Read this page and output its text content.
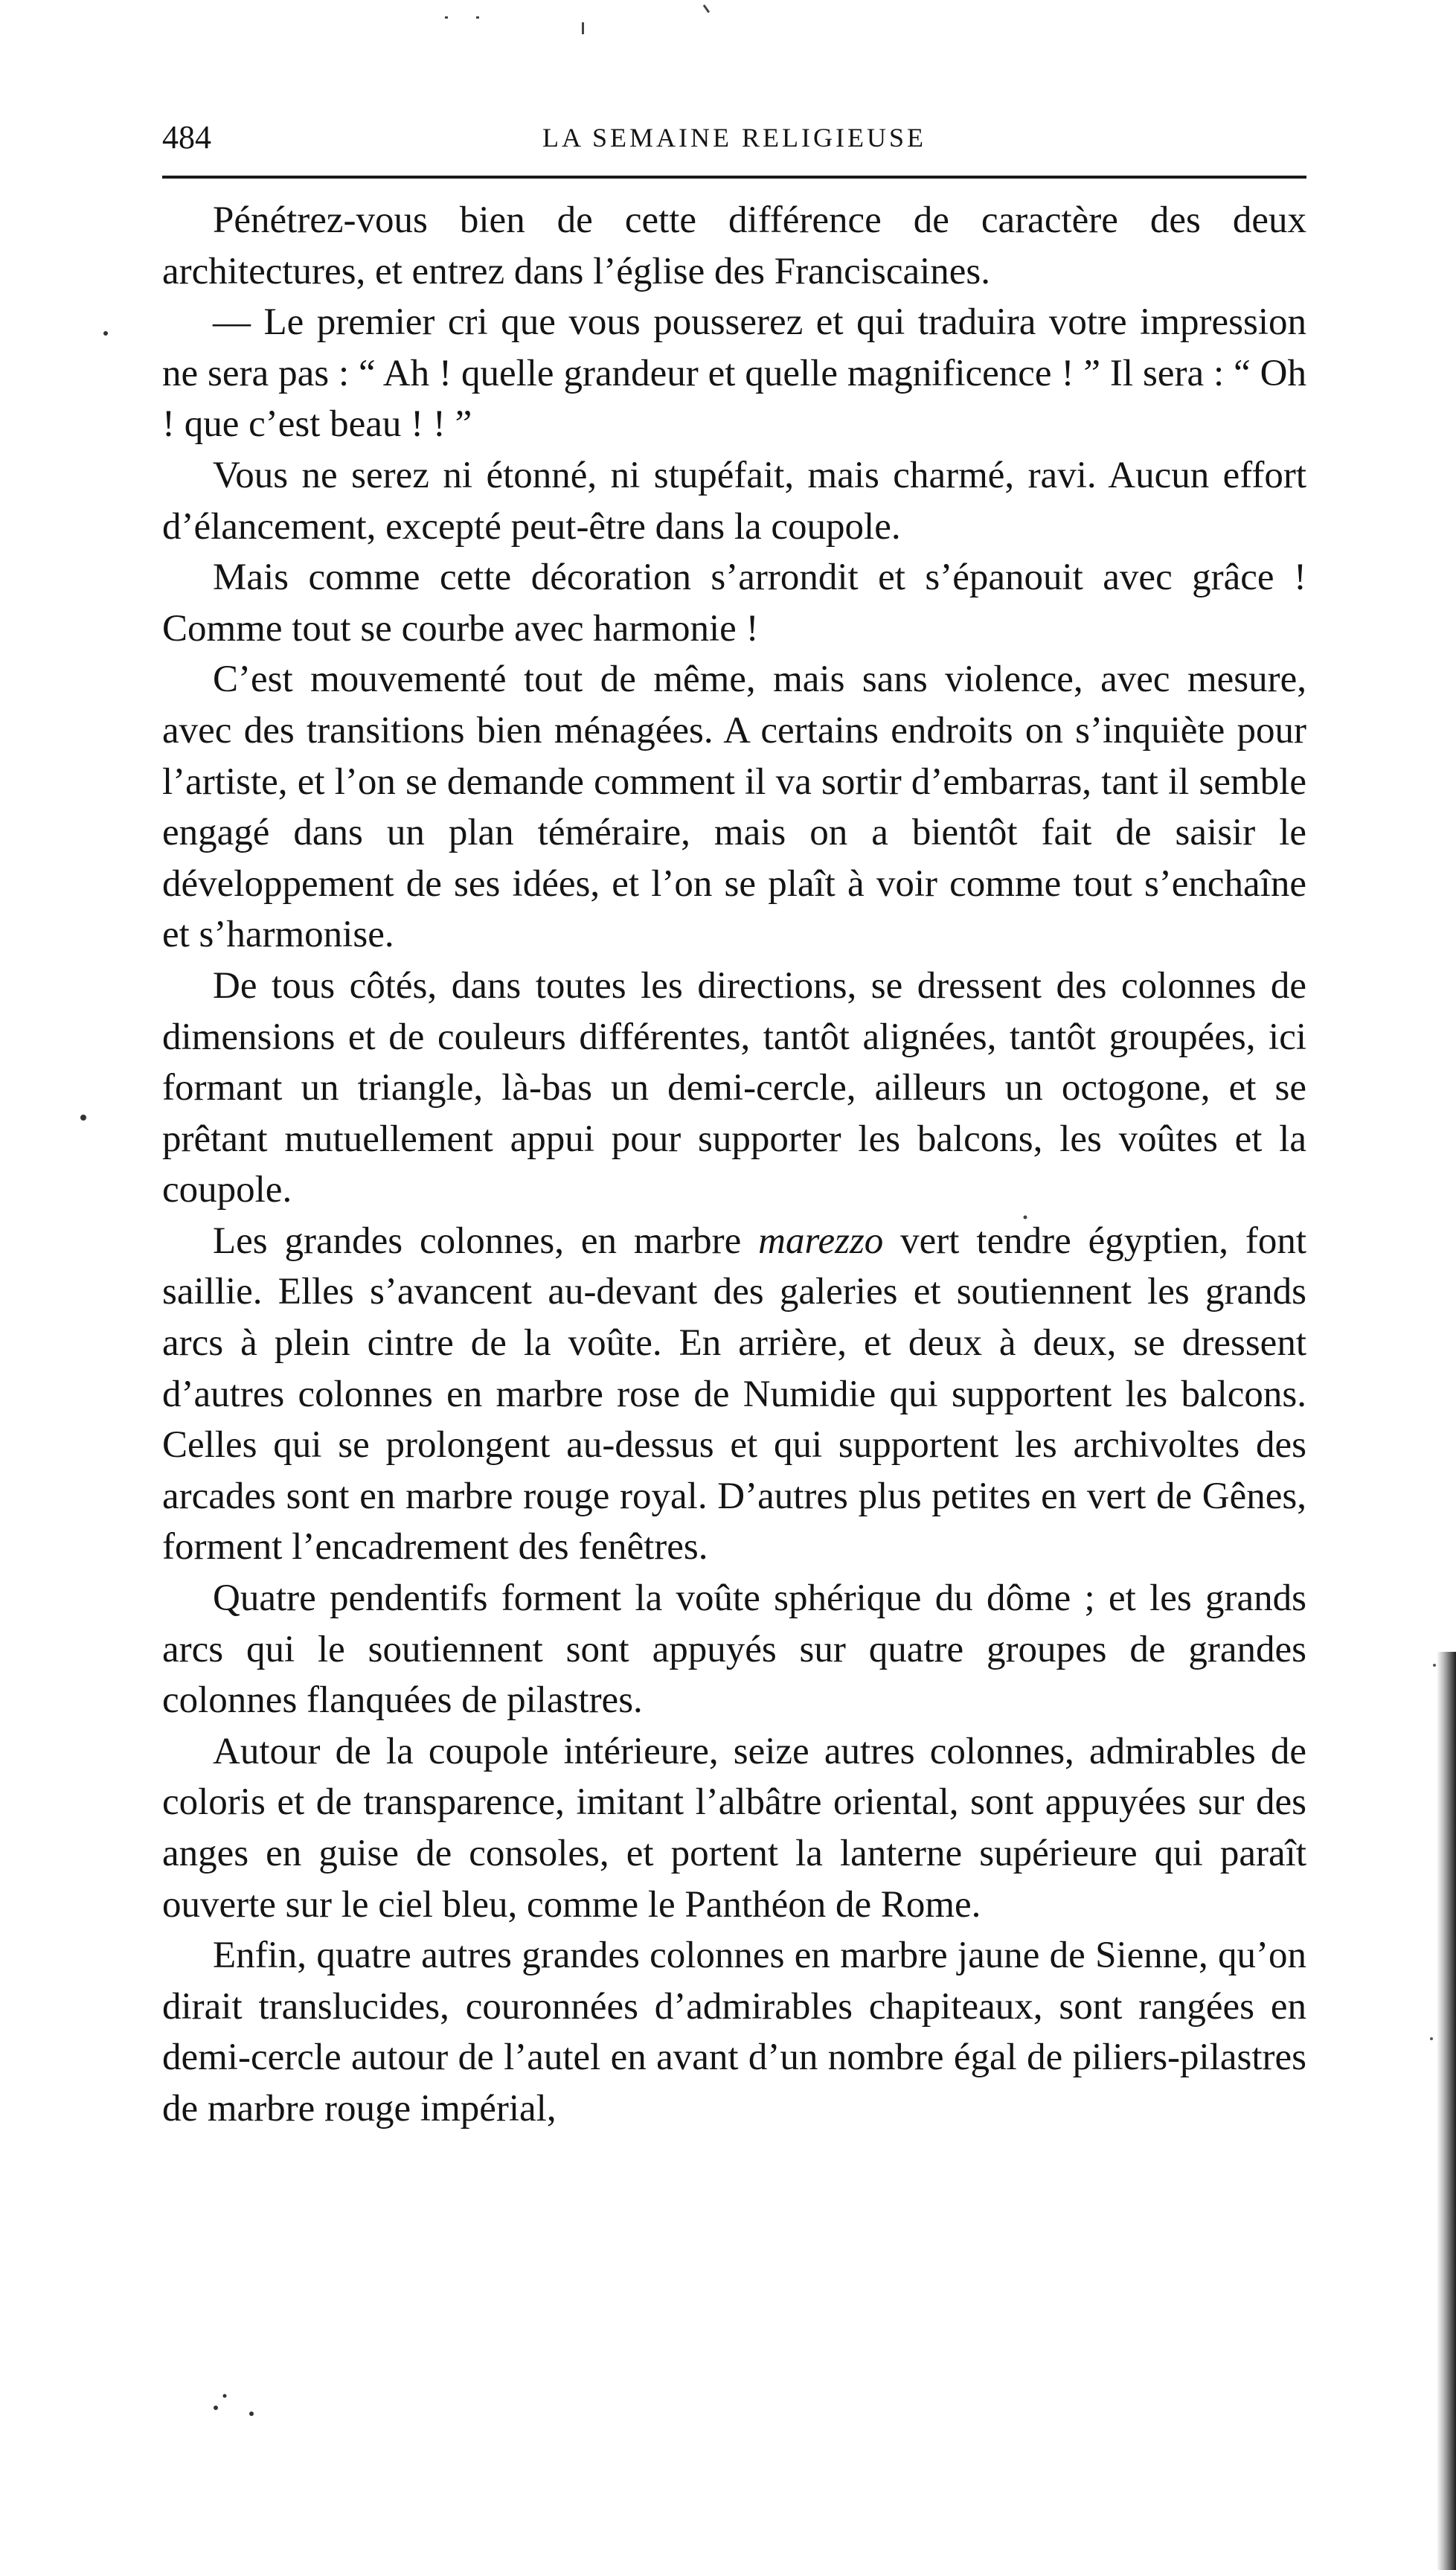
484	LA SEMAINE RELIGIEUSE

Pénétrez-vous bien de cette différence de caractère des deux architectures, et entrez dans l’église des Franciscaines.

— Le premier cri que vous pousserez et qui traduira votre impression ne sera pas : “ Ah ! quelle grandeur et quelle magnificence ! ” Il sera : “ Oh ! que c’est beau ! ! ”

Vous ne serez ni étonné, ni stupéfait, mais charmé, ravi. Aucun effort d’élancement, excepté peut-être dans la coupole.

Mais comme cette décoration s’arrondit et s’épanouit avec grâce ! Comme tout se courbe avec harmonie !

C’est mouvementé tout de même, mais sans violence, avec mesure, avec des transitions bien ménagées. A certains endroits on s’inquiète pour l’artiste, et l’on se demande comment il va sortir d’embarras, tant il semble engagé dans un plan téméraire, mais on a bientôt fait de saisir le développement de ses idées, et l’on se plaît à voir comme tout s’enchaîne et s’harmonise.

De tous côtés, dans toutes les directions, se dressent des colonnes de dimensions et de couleurs différentes, tantôt alignées, tantôt groupées, ici formant un triangle, là-bas un demi-cercle, ailleurs un octogone, et se prêtant mutuellement appui pour supporter les balcons, les voûtes et la coupole.

Les grandes colonnes, en marbre marezzo vert tendre égyptien, font saillie. Elles s’avancent au-devant des galeries et soutiennent les grands arcs à plein cintre de la voûte. En arrière, et deux à deux, se dressent d’autres colonnes en marbre rose de Numidie qui supportent les balcons. Celles qui se prolongent au-dessus et qui supportent les archivoltes des arcades sont en marbre rouge royal. D’autres plus petites en vert de Gênes, forment l’encadrement des fenêtres.

Quatre pendentifs forment la voûte sphérique du dôme ; et les grands arcs qui le soutiennent sont appuyés sur quatre groupes de grandes colonnes flanquées de pilastres.

Autour de la coupole intérieure, seize autres colonnes, admirables de coloris et de transparence, imitant l’albâtre oriental, sont appuyées sur des anges en guise de consoles, et portent la lanterne supérieure qui paraît ouverte sur le ciel bleu, comme le Panthéon de Rome.

Enfin, quatre autres grandes colonnes en marbre jaune de Sienne, qu’on dirait translucides, couronnées d’admirables chapiteaux, sont rangées en demi-cercle autour de l’autel en avant d’un nombre égal de piliers-pilastres de marbre rouge impérial,
